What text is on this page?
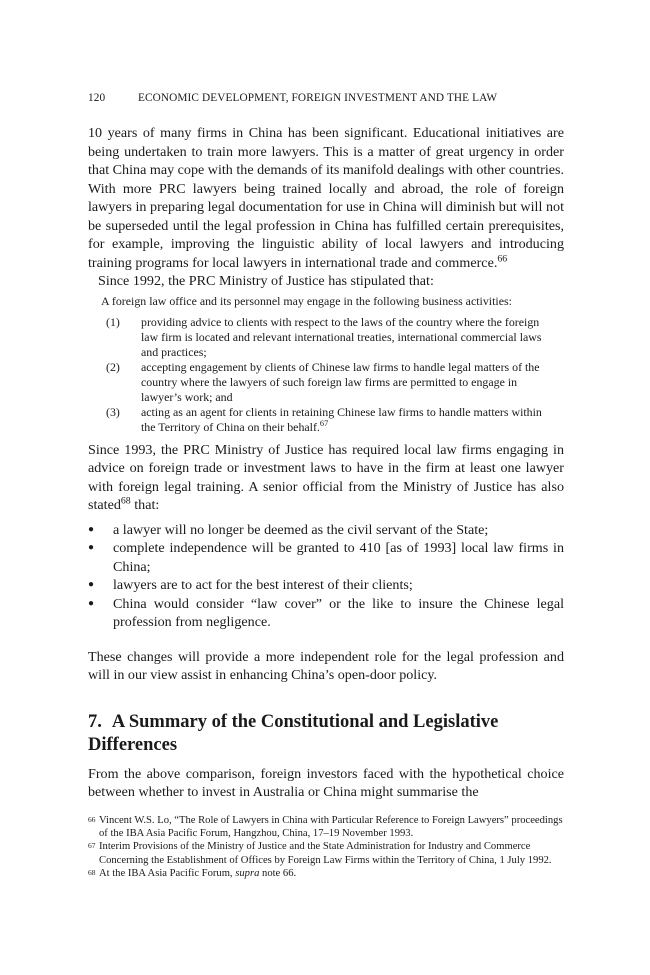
120	ECONOMIC DEVELOPMENT, FOREIGN INVESTMENT AND THE LAW

10 years of many firms in China has been significant. Educational initiatives are being undertaken to train more lawyers. This is a matter of great urgency in order that China may cope with the demands of its manifold dealings with other countries. With more PRC lawyers being trained locally and abroad, the role of foreign lawyers in preparing legal documentation for use in China will diminish but will not be superseded until the legal profession in China has fulfilled certain prerequisites, for example, improving the linguistic ability of local lawyers and introducing training programs for local lawyers in international trade and commerce.$^{66}$

Since 1992, the PRC Ministry of Justice has stipulated that:

A foreign law office and its personnel may engage in the following business activities:

(1)	providing advice to clients with respect to the laws of the country where the foreign law firm is located and relevant international treaties, international commercial laws and practices;
(2)	accepting engagement by clients of Chinese law firms to handle legal matters of the country where the lawyers of such foreign law firms are permitted to engage in lawyer’s work; and
(3)	acting as an agent for clients in retaining Chinese law firms to handle matters within the Territory of China on their behalf.$^{67}$

Since 1993, the PRC Ministry of Justice has required local law firms engaging in advice on foreign trade or investment laws to have in the firm at least one lawyer with foreign legal training. A senior official from the Ministry of Justice has also stated$^{68}$ that:

●	a lawyer will no longer be deemed as the civil servant of the State;
●	complete independence will be granted to 410 [as of 1993] local law firms in China;
●	lawyers are to act for the best interest of their clients;
●	China would consider “law cover” or the like to insure the Chinese legal profession from negligence.

These changes will provide a more independent role for the legal profession and will in our view assist in enhancing China’s open-door policy.

7. A Summary of the Constitutional and Legislative Differences

From the above comparison, foreign investors faced with the hypothetical choice between whether to invest in Australia or China might summarise the

66 Vincent W.S. Lo, “The Role of Lawyers in China with Particular Reference to Foreign Lawyers” proceedings of the IBA Asia Pacific Forum, Hangzhou, China, 17–19 November 1993.
67 Interim Provisions of the Ministry of Justice and the State Administration for Industry and Commerce Concerning the Establishment of Offices by Foreign Law Firms within the Territory of China, 1 July 1992.
68 At the IBA Asia Pacific Forum, supra note 66.
